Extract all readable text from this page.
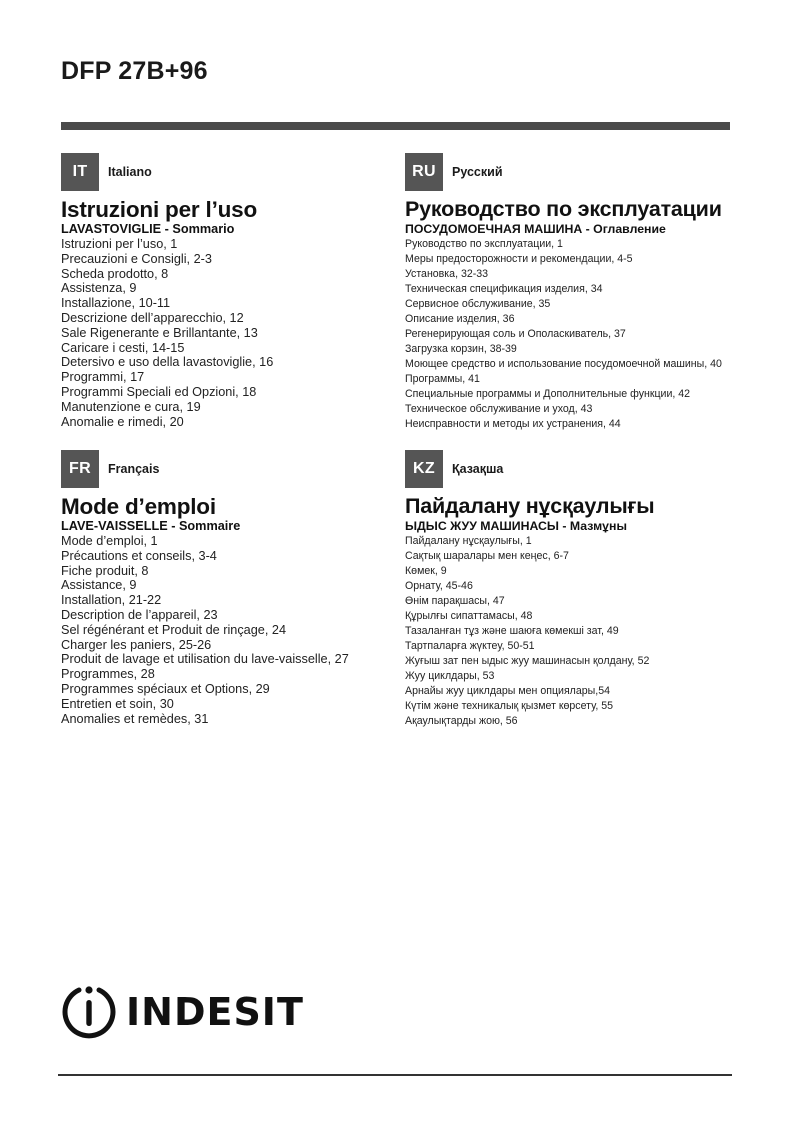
DFP 27B+96
IT	Italiano
Istruzioni per l’uso
LAVASTOVIGLIE - Sommario
Istruzioni per l’uso, 1
Precauzioni e Consigli, 2-3
Scheda prodotto, 8
Assistenza, 9
Installazione, 10-11
Descrizione dell’apparecchio, 12
Sale Rigenerante e Brillantante, 13
Caricare i cesti, 14-15
Detersivo e uso della lavastoviglie, 16
Programmi, 17
Programmi Speciali ed Opzioni, 18
Manutenzione e cura, 19
Anomalie e rimedi, 20
RU	Русский
Руководство по эксплуатации
ПОСУДОМОЕЧНАЯ МАШИНА - Оглавление
Руководство по эксплуатации, 1
Меры предосторожности и рекомендации, 4-5
Установка, 32-33
Техническая спецификация изделия, 34
Сервисное обслуживание, 35
Описание изделия, 36
Регенерирующая соль и Ополаскиватель, 37
Загрузка корзин, 38-39
Моющее средство и использование посудомоечной машины, 40
Программы, 41
Специальные программы и Дополнительные функции, 42
Техническое обслуживание и уход, 43
Неисправности и методы их устранения, 44
FR	Français
Mode d’emploi
LAVE-VAISSELLE - Sommaire
Mode d’emploi, 1
Précautions et conseils, 3-4
Fiche produit, 8
Assistance, 9
Installation, 21-22
Description de l’appareil, 23
Sel régénérant et Produit de rinçage, 24
Charger les paniers, 25-26
Produit de lavage et utilisation du lave-vaisselle, 27
Programmes, 28
Programmes spéciaux et Options, 29
Entretien et soin, 30
Anomalies et remèdes, 31
KZ	Қазақша
Пайдалану нұсқаулығы
ЫДЫС ЖУУ МАШИНАСЫ - Мазмұны
Пайдалану нұсқаулығы, 1
Сақтық шаралары мен кеңес, 6-7
Көмек, 9
Орнату, 45-46
Өнім парақшасы, 47
Құрылғы сипаттамасы, 48
Тазаланған тұз және шаюға көмекші зат, 49
Тартпаларға жүктеу, 50-51
Жуғыш зат пен ыдыс жуу машинасын қолдану, 52
Жуу циклдары, 53
Арнайы жуу циклдары мен опциялары,54
Күтім және техникалық қызмет көрсету, 55
Ақаулықтарды жою, 56
INDESIT
